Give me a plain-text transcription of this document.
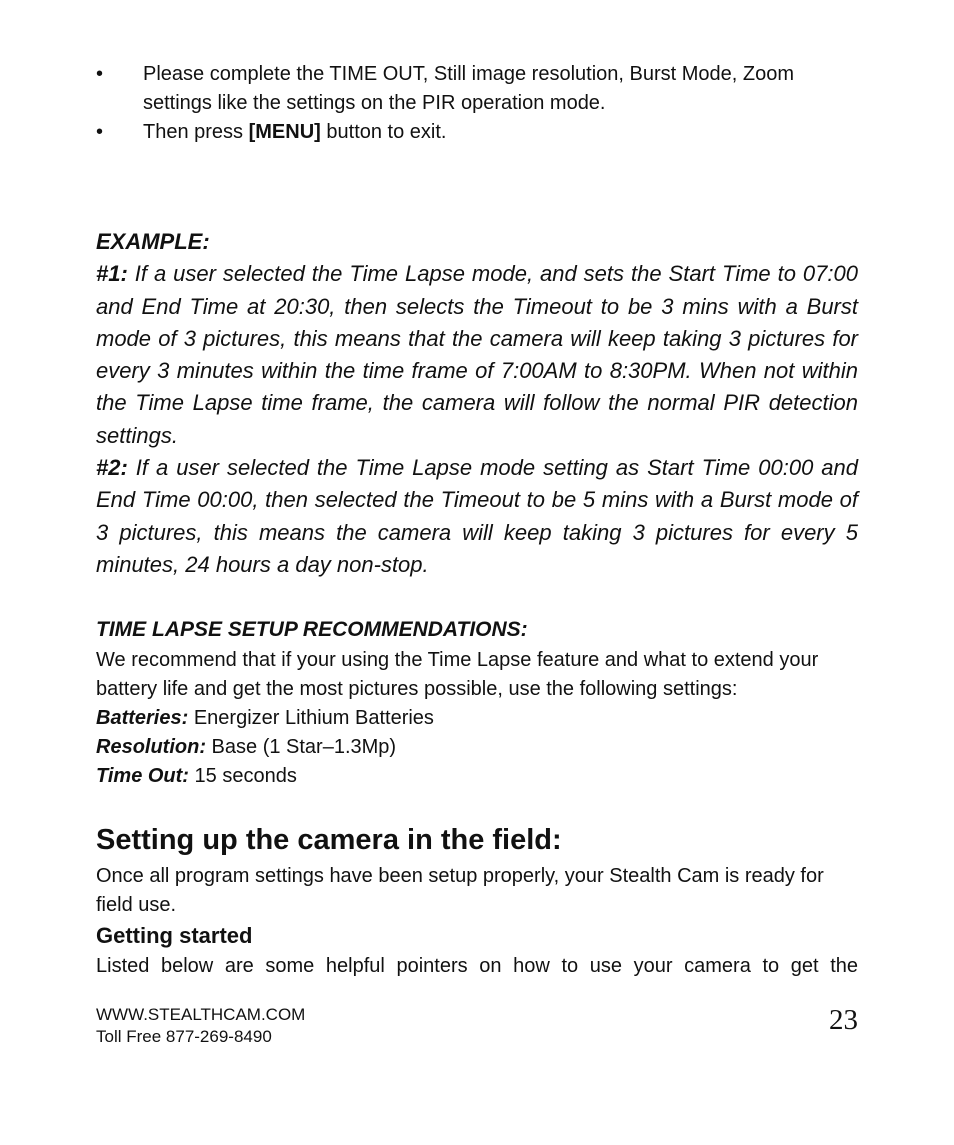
• Please complete the TIME OUT, Still image resolution, Burst Mode, Zoom settings like the settings on the PIR operation mode.
• Then press [MENU] button to exit.

EXAMPLE:

#1: If a user selected the Time Lapse mode, and sets the Start Time to 07:00 and End Time at 20:30, then selects the Timeout to be 3 mins with a Burst mode of 3 pictures, this means that the camera will keep taking 3 pictures for every 3 minutes within the time frame of 7:00AM to 8:30PM. When not within the Time Lapse time frame, the camera will follow the normal PIR detection settings.

#2: If a user selected the Time Lapse mode setting as Start Time 00:00 and End Time 00:00, then selected the Timeout to be 5 mins with a Burst mode of 3 pictures, this means the camera will keep taking 3 pictures for every 5 minutes, 24 hours a day non-stop.

TIME LAPSE SETUP RECOMMENDATIONS:

We recommend that if your using the Time Lapse feature and what to extend your battery life and get the most pictures possible, use the following settings:

Batteries: Energizer Lithium Batteries

Resolution: Base (1 Star–1.3Mp)

Time Out: 15 seconds

Setting up the camera in the field:

Once all program settings have been setup properly, your Stealth Cam is ready for field use.

Getting started

Listed below are some helpful pointers on how to use your camera to get the

WWW.STEALTHCAM.COM
Toll Free 877-269-8490
23
